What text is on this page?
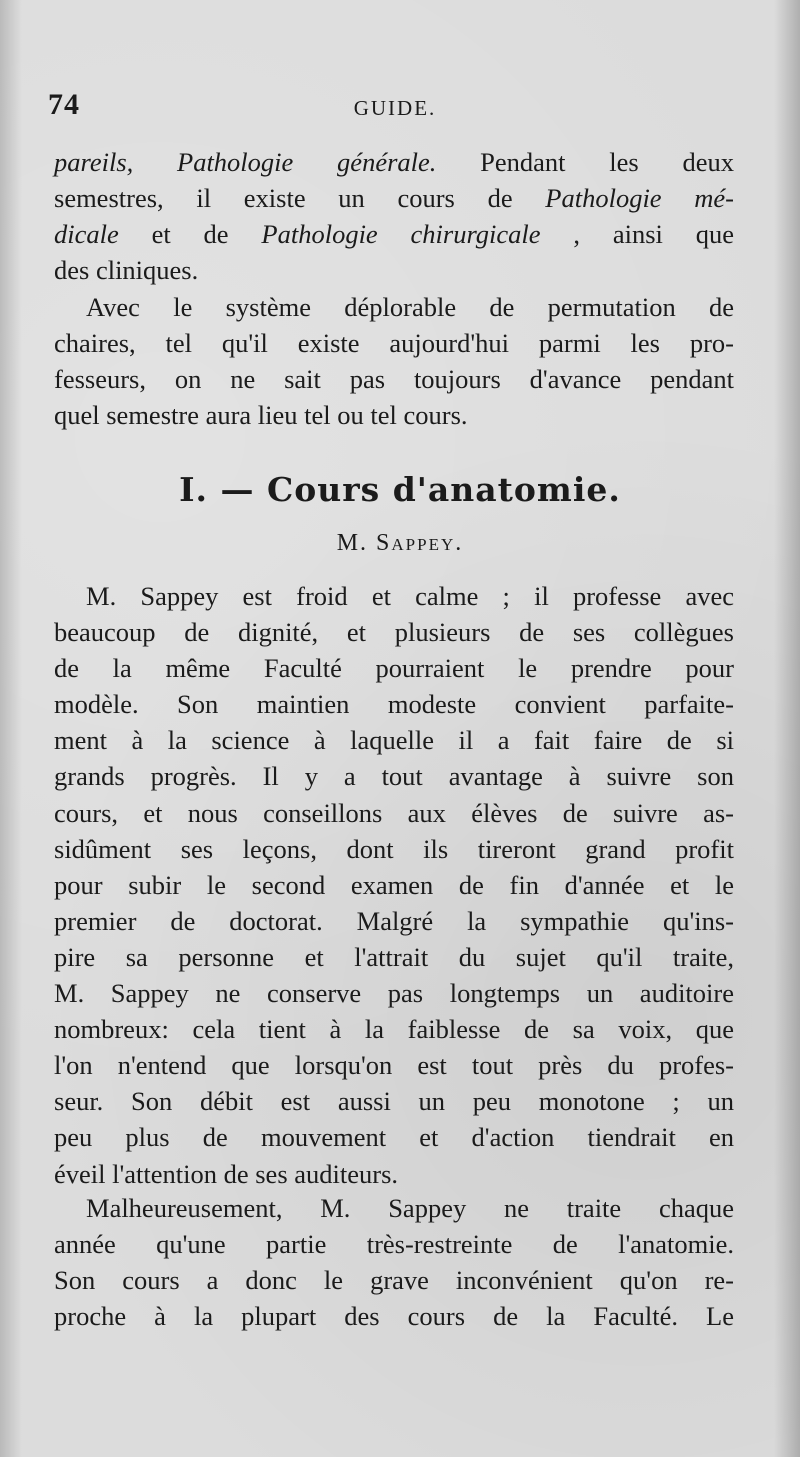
74	GUIDE.
pareils, Pathologie générale. Pendant les deux
semestres, il existe un cours de Pathologie mé-
dicale et de Pathologie chirurgicale , ainsi que
des cliniques.
Avec le système déplorable de permutation de
chaires, tel qu'il existe aujourd'hui parmi les pro-
fesseurs, on ne sait pas toujours d'avance pendant
quel semestre aura lieu tel ou tel cours.
I. — Cours d'anatomie.
M. Sappey.
M. Sappey est froid et calme ; il professe avec
beaucoup de dignité, et plusieurs de ses collègues
de la même Faculté pourraient le prendre pour
modèle. Son maintien modeste convient parfaite-
ment à la science à laquelle il a fait faire de si
grands progrès. Il y a tout avantage à suivre son
cours, et nous conseillons aux élèves de suivre as-
sidûment ses leçons, dont ils tireront grand profit
pour subir le second examen de fin d'année et le
premier de doctorat. Malgré la sympathie qu'ins-
pire sa personne et l'attrait du sujet qu'il traite,
M. Sappey ne conserve pas longtemps un auditoire
nombreux: cela tient à la faiblesse de sa voix, que
l'on n'entend que lorsqu'on est tout près du profes-
seur. Son débit est aussi un peu monotone ; un
peu plus de mouvement et d'action tiendrait en
éveil l'attention de ses auditeurs.
Malheureusement, M. Sappey ne traite chaque
année qu'une partie très-restreinte de l'anatomie.
Son cours a donc le grave inconvénient qu'on re-
proche à la plupart des cours de la Faculté. Le
